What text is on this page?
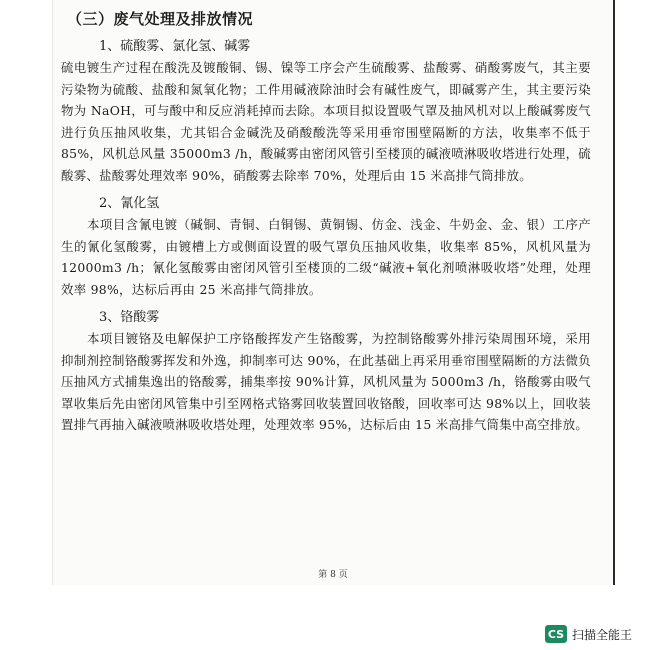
（三）废气处理及排放情况
1、硫酸雾、氯化氢、碱雾

硫电镀生产过程在酸洗及镀酸铜、锡、镍等工序会产生硫酸雾、盐酸雾、硝酸雾废气，其主要污染物为硫酸、盐酸和氮氧化物；工件用碱液除油时会有碱性废气，即碱雾产生，其主要污染物为 NaOH，可与酸中和反应消耗掉而去除。本项目拟设置吸气罩及抽风机对以上酸碱雾废气进行负压抽风收集，尤其铝合金碱洗及硝酸酸洗等采用垂帘围壁隔断的方法，收集率不低于 85%，风机总风量 35000m3 /h，酸碱雾由密闭风管引至楼顶的碱液喷淋吸收塔进行处理，硫酸雾、盐酸雾处理效率 90%，硝酸雾去除率 70%，处理后由 15 米高排气筒排放。

2、氰化氢

本项目含氰电镀（碱铜、青铜、白铜锡、黄铜锡、仿金、浅金、牛奶金、金、银）工序产生的氰化氢酸雾，由镀槽上方或侧面设置的吸气罩负压抽风收集，收集率 85%，风机风量为 12000m3 /h；氰化氢酸雾由密闭风管引至楼顶的二级“碱液+氧化剂喷淋吸收塔”处理，处理效率 98%，达标后再由 25 米高排气筒排放。

3、铬酸雾

本项目镀铬及电解保护工序铬酸挥发产生铬酸雾，为控制铬酸雾外排污染周围环境，采用抑制剂控制铬酸雾挥发和外逸，抑制率可达 90%，在此基础上再采用垂帘围壁隔断的方法微负压抽风方式捕集逸出的铬酸雾，捕集率按 90%计算，风机风量为 5000m3 /h，铬酸雾由吸气罩收集后先由密闭风管集中引至网格式铬雾回收装置回收铬酸，回收率可达 98%以上，回收装置排气再抽入碱液喷淋吸收塔处理，处理效率 95%，达标后由 15 米高排气筒集中高空排放。

第 8 页
CS 扫描全能王
